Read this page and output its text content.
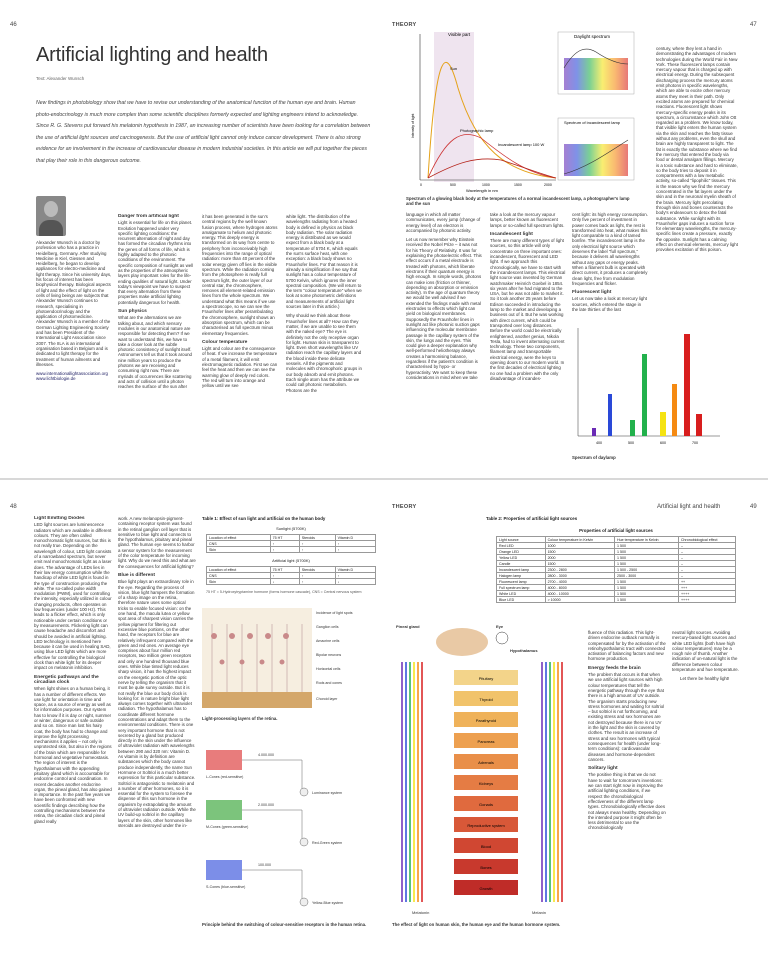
46	THEORY	47
Artificial lighting and health
Text: Alexander Wunsch
New findings in photobiology show that we have to revise our understanding of the anatomical function of the human eye and brain. Human photo-endocrinology is much more complex than some scientific disciplines formerly expected and lighting engineers intend to acknowledge. Since R. G. Stevens put forward his melatonin hypothesis in 1987, an increasing number of scientists have been looking for a correlation between the use of artificial light sources and carcinogenesis. But the use of artificial light cannot only induce cancer development. There is also strong evidence for an involvement in the increase of cardiovascular disease in modern industrial societies. In this article we will put together the pieces that play their role in this dangerous outcome.

Alexander Wunsch is a doctor by profession who has a practice in Heidelberg, Germany. After studying Medicine in Kiel, Giessen and Heidelberg, he began to develop appliances for electro-medicine and light therapy. Since his university days, his focus of interest has been biophysical therapy. Biological aspects of light and the effect of light on the cells of living beings are subjects that Alexander Wunsch continues to research, specialising in photoendocrinology and the application of photomedicine. Alexander Wunsch is a member of the German Lighting Engineering Society and has been President of the International Light Association since 2007. The IILA is an international organisation based in Belgium and is dedicated to light therapy for the treatment of human ailments and illnesses.

www.internationallightassociation.org
www.lichtbiologie.de
Danger from artificial light

Light is essential for life on this planet. Evolution happened under very specific lighting conditions: the recurrent alternation of night and day has formed the circadian rhythms into the genes of all forms of life, which is highly adapted to the photonic conditions of the environment. The specific composition of sunlight as well as the properties of the atmospheric layers play important roles for the life-ending qualities of natural light. Under today's viewpoint we have to suspect that every alternation from these properties make artificial lighting potentially dangerous for health.

Sun physics

What are the alternations we are talking about, and which sensory modules in our anatomical nature are responsible for detecting them? If we want to understand this, we have to take a closer look at the subtle photonic consistency of sunlight itself. Astronomers tell us that it took around nine million years to produce the photons we are receiving and consuming right now. There are myriads of occurrences like scattering and acts of collision until a photon reaches the surface of the sun after

it has been generated in the sun's central regions by the well known fusion process, where hydrogen atoms amalgamate to helium and photonic energy. This deeply energy is transformed on its way from centre to periphery from inconceivably high frequencies into the range of optical radiation: more than 40 percent of the solar energy given off lies in the visible spectrum. While the radiation coming from the photosphere is really full spectrum light, the outer layer of our central star, the chromosphere, removes all element-related emission lines from the whole spectrum. We understand what this means if we use a spectroscope, so we can see the Fraunhofer lines after perambulating the chromosphere, sunlight shows an absorption spectrum, which can be characterised as full spectrum minus elementary frequencies.

Colour temperature

Light and colour are the consequence of heat. If we increase the temperature of a metal filament, it will emit electromagnetic radiation. First we can feel the heat and then we can see the warming glow of deeply red colors. The red will turn into orange and yellow until we see

white light. The distribution of the wavelengths radiating from a heated body is defined in physics as black body radiation. The solar radiation energy is distributed as we would expect from a black body at a temperature of 5704 K, which equals the sun's surface heat, with one exception: a black body shows no Fraunhofer lines. For that reason it is already a simplification if we say that sunlight has a colour temperature of 5700 Kelvin, which ignores the inner spectral composition. (We will return to the term "colour temperature" when we look at some photometric definitions and measurements of artificial light sources later in this article.)

Why should we think about these Fraunhofer lines at all? How can they matter, if we are unable to see them with the naked eye? The eye is definitely not the only receptive organ for light. Human skin is transparent to light. Even short wavelengths like UV radiation reach the capillary layers and the blood inside these delicate vessels. All the pigments and molecules with chromophoric groups in our body absorb and emit photons. Each single atom has the attribute we could call photonic metabolism. Photons are the

Visible part
Sun
Photographic lamp
Incandescent lamp 100 W
Intensity of light
Wavelength in nm
0	500	1000	1500	2000
Daylight spectrum
Spectrum of incandescent lamp
Spectrum of a glowing black body at the temperatures of a normal incandescent lamp, a photographer's lamp and the sun

language in which all matter communicates, every jump (change of energy level) of an electron is accompanied by photonic activity.

Let us now remember why Einstein received the Nobel Prize – it was not for his Theory of Relativity. It was for explaining the photoelectric effect. This effect occurs if a metal electrode is treated with photons, which liberate electrons if their quantum energy is high enough. In simple words, photons can make ions (friction or thinner, depending on absorption or emission activity). In the age of quantum theory we would be well advised if we extended the findings made with metal electrodes to effects which light can yield on biological membranes. Supposedly the Fraunhofer lines in sunlight act like photonic suction gaps influencing the molecular membrane passage in the capillary system of the skin, the lungs and the eyes. This could give a deeper explanation why well-performed heliotherapy always creates a harmonising balance, regardless if the patient's condition is characterised by hypo- or hyperactivity. We want to keep these considerations in mind when we take

take a look at the mercury vapour lamps, better known as fluorescent lamps or so-called full spectrum lights.

Incandescent light

There are many different types of light sources, so this article will only concentrate on three important ones: incandescent, fluorescent and LED light. If we approach this chronologically, we have to start with the incandescent lamps. This electrical light source was invented by German watchmaker Heinrich Goebel in 1854. six years after he had migrated to the USA, but he was not able to market it. So it took another 25 years before Edison succeeded in introducing the lamp to the market and developing a business out of it. But he was working with direct current, which could be transported over long distances. Before the world could be electrically enlightened, another genius, Nikola Tesla, had to invent alternating current technology. These two components, filament lamp and transportable electrical energy, were the keys to opening doors to our modern world. In the first decades of electrical lighting no one had a problem with the only disadvantage of incandes-

cent light: its high energy consumption. Only five percent of investment in power comes back as light, the rest is transformed into heat, what makes this light comparable to a kind of tamed bonfire. The incandescent lamp is the only electrical light source which deserves the label "full spectrum," because it delivers all wavelengths without any gaps or energy peaks. When a filament bulb is operated with direct current, it produces a completely clean light, free from modulation frequencies and flicker.

Fluorescent light

Let us now take a look at mercury light sources, which entered the stage in the late thirties of the last

400	500	600	700
Spectrum of daylamp

century, where they lent a hand in demonstrating the advantages of modern technologies during the World Fair in New York. These fluorescent lamps contain mercury vapour that is charged up with electrical energy. During the subsequent discharging process the mercury atoms emit photons in specific wavelengths, which are able to excite other mercury atoms they meet in their path. Only excited atoms are prepared for chemical reactions. Fluorescent light shows mercury-specific energy peaks in its spectrum, a circumstance which John Ott regarded as a problem. We know today, that visible light enters the human system via the skin and reaches the fatty tissue without any problems, even the skull and brain are highly transparent to light. The fat is exactly the substance where we find the mercury that entered the body via food or dental amalgam fillings. Mercury is a toxic substance and hard to eliminate, so the body tries to deposit it in compartments with a low metabolic activity, so-called "lipophilic" tissues. This is the reason why we find the mercury concentrated in the fat layers under the skin and in the neuronal myelin sheath of the brain. Mercury light percolating through skin and bones counteracts the body's endeavours to detox the fatal substance. While sunlight with its Fraunhofer gaps induces a suction force for elementary wavelengths, the mercury-specific lines create a pressure, exactly the opposite. Sunlight has a calming effect on chemical elements, mercury light provokes excitation of this poison.

48	THEORY	Artificial light and health	49
Light Emitting Diodes

LED light sources are luminescence radiators which are available in different colours. They are often called monochromatic light sources, but this is not really true. Depending on the wavelength of colour, LED light consists of a narrowband spectrum, but never emit real monochromatic light as a laser does. The advantage of LEDs lies in their low energy consumption while the handicap of white LED light is found in the type of construction producing the white. The so-called pulse width modulation (PWM), used for controlling the intensity, especially utilized in colour changing products, often operates on low frequencies (under 100 Hz). This leads to a flicker effect, which is only noticeable under certain conditions or by measurements. Flickering light can cause headache and discomfort and should be avoided in artificial lighting. LED technology is mentioned here because it can be used in healing SAD, using blue LED lights which are more effective for controlling the biological clock than white light for its deeper impact on melatonin inhibition.

Energetic pathways and the circadian clock

When light shines on a human being, it has a number of different effects. We use light for orientation in time and space, as a source of energy as well as for information purposes. Our system has to know if it is day or night, summer or winter, dangerous or safe outside and so on. Since man lost his hairy coat, the body has had to change and improve the light processing mechanisms it applies – not only in unprotected skin, but also in the regions of the brain which are responsible for hormonal and vegetative homeostasis. The region of interest is the hypothalamus with the appending pituitary gland which is accountable for endocrine control and coordination. In recent decades another endocrine organ, the pineal gland, has also gained in importance. In the past five years we have been confronted with new scientific findings describing how the controlling mechanisms between the retina, the circadian clock and pineal gland really

work. A new melanopsin-pigment-containing receptor system was found in the retinal ganglion cell layer that is sensitive to blue light and connects to the hypothalamus, pituitary and pineal gland. The human eye seems to harbor a sensor system for the measurement of the color temperature for incoming light. Why do we need this and what are the consequences for artificial lighting?

Blue is different

Blue light plays an extraordinary role in the eye. Regarding the process of vision, blue light hampers the formation of a sharp image on the retina, therefore nature uses some optical tricks to enable focused vision: on the one hand, the macula lutea or yellow spot area of sharpest vision carries the yellow pigment for filtering out excessive blue portions, on the other hand, the receptors for blue are relatively infrequent compared with the green and red ones. An average eye comprises about four million red receptors, two million green receptors and only one hundred thousand blue ones. While blue tinted light reduces sharp vision, it has the highest impact on the energetic portion of the optic nerve by telling the organism that it must be quite sunny outside. But it is not really the blue our body clock is looking for: in nature bright blue light always comes together with ultraviolet radiation. The hypothalamus has to coordinate different hormone concentrations and adapt them to the environmental conditions. There is one very important hormone that is not secreted by a gland but produced directly in the skin under the influence of ultraviolet radiation with wavelengths between 290 and 320 nm: Vitamin D. As vitamin is by definition are substances which the body cannot produce independently, the name Sun Hormone or Soltriol is a much better expression for this particular substance. Soltriol is antagonistic to melatonin and a number of other hormones, so it is essential for the system to foresee the dispense of this sun hormone in the organism by extrapolating the amount of ultraviolet radiation outside. While the UV build-up soltriol in the capillary layers of the skin, other hormones like steroids are destroyed under the in-

Table 1: Effect of sun light and artificial on the human body
Sunlight (5700K)
Location of effect	75 HT	Steroids	Vitamin D
CNS	↑	↑	↑
Skin	↑	↑	↑
Artificial light (5700K)
Location of effect	75 HT	Steroids	Vitamin D
CNS	↑	↑	↑
Skin	↓	↑	↓
75 HT = 5-Hydroxytryptamine hormone (forms hormone cascade), CNS = Central nervous system
Table 2: Properties of artificial light sources
Properties of artificial light sources
Light source	Colour temperature in Kelvin	Hue temperature in Kelvin	Chronobiological effect
Red LED	1000	1 500	–
Orange LED	1500	1 500	–
Yellow LED	2000	1 500	–
Candle	1500	1 500	–
Incandescent lamp	2300 - 2800	1 500 - 2500	–
Halogen lamp	2800 - 3000	2500 - 3000	–
Fluorescent lamp	2700 - 4000	1 500	++
Full spectrum lamp	4000 - 8000	1 500	+++
White LED	4000 - 10000	1 500	++++
Blue LED	> 10000	1 500	++++
Incidence of light spots
Ganglion cells
Amacrine cells
Bipolar neurons
Horizontal cells
Rods and cones
Choroid layer
Light-processing layers of the retina.
4.000.000
2.000.000
100.000
L-Cones (red-sensitive)
M-Cones (green-sensitive)
S-Cones (blue-sensitive)
Luminance system
Red-Green system
Yellow-Blue system
Principle behind the switching of colour-sensitive receptors in the human retina.
Pineal gland	Eye
Hypothalamus
Pituitary
Thyroid
Parathyroid
Pancreas
Adrenals
Kidneys
Gonads
Reproductive system
Blood
Bones
Growth
Melatonin	Melanin
The effect of light on human skin, the human eye and the human hormone system.

fluence of this radiation. This light-driven endocrine outback normally is compensated for by the activation of the retinohypothalamic tract with connected activation of balancing factors and new hormone production.

Energy feeds the brain

The problem that occurs is that when we use artificial light sources with high colour temperatures that tell the energetic pathway through the eye that there is a high amount of UV outside. The organism starts producing new stress hormones and waiting for soltriol – but soltriol is not forthcoming, and existing stress and sex hormones are not destroyed because there is no UV in the light and the skin is covered by clothes. The result is an increase of stress and sex hormones with typical consequences for health (under long-term conditions): cardiovascular diseases and hormone-dependent cancers.

Solitary light

The positive thing is that we do not have to wait for tomorrow's inventions: we can start right now in improving the artificial lighting conditions, if we respect the chronobiological effectiveness of the different lamp types. Chronobiologically effective does not always mean healthy. Depending on the intended purpose it might often be less detrimental to use the chronobiologically

neutral light sources. Avoiding mercury-based light sources and white LED lights (both have high colour temperatures) may be a rough rule of thumb. Another indication of un-natural light is the difference between colour temperature and hue temperature.

Let there be healthy light!
